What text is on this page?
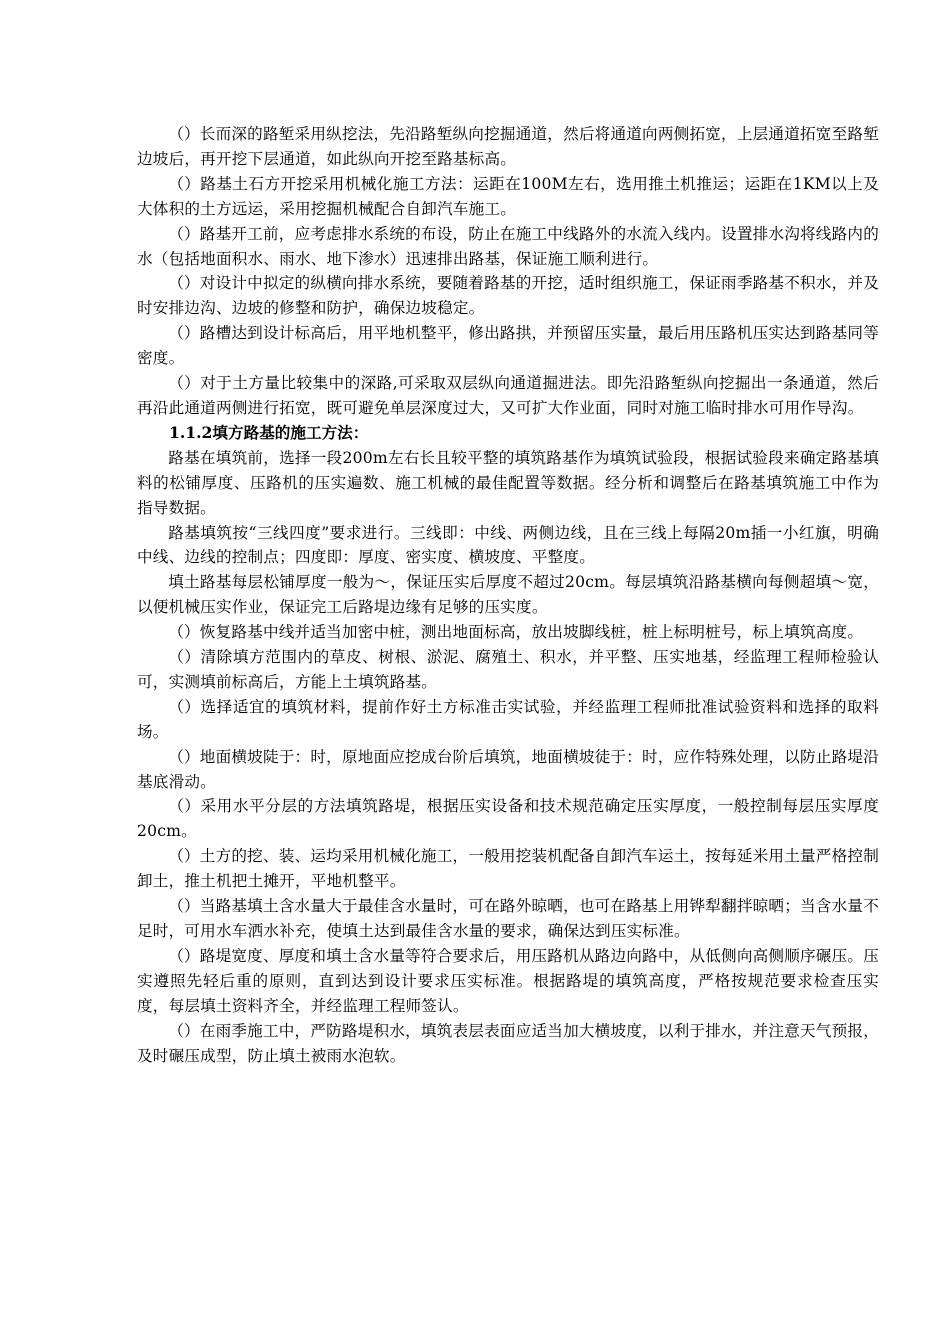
（）长而深的路堑采用纵挖法，先沿路堑纵向挖掘通道，然后将通道向两侧拓宽，上层通道拓宽至路堑边坡后，再开挖下层通道，如此纵向开挖至路基标高。

（）路基土石方开挖采用机械化施工方法：运距在100M左右，选用推土机推运；运距在1KM以上及大体积的土方远运，采用挖掘机械配合自卸汽车施工。

（）路基开工前，应考虑排水系统的布设，防止在施工中线路外的水流入线内。设置排水沟将线路内的水（包括地面积水、雨水、地下渗水）迅速排出路基，保证施工顺利进行。

（）对设计中拟定的纵横向排水系统，要随着路基的开挖，适时组织施工，保证雨季路基不积水，并及时安排边沟、边坡的修整和防护，确保边坡稳定。

（）路槽达到设计标高后，用平地机整平，修出路拱，并预留压实量，最后用压路机压实达到路基同等密度。

（）对于土方量比较集中的深路,可采取双层纵向通道掘进法。即先沿路堑纵向挖掘出一条通道，然后再沿此通道两侧进行拓宽，既可避免单层深度过大，又可扩大作业面，同时对施工临时排水可用作导沟。

1.1.2填方路基的施工方法：

路基在填筑前，选择一段200m左右长且较平整的填筑路基作为填筑试验段，根据试验段来确定路基填料的松铺厚度、压路机的压实遍数、施工机械的最佳配置等数据。经分析和调整后在路基填筑施工中作为指导数据。

路基填筑按“三线四度”要求进行。三线即：中线、两侧边线，且在三线上每隔20m插一小红旗，明确中线、边线的控制点；四度即：厚度、密实度、横坡度、平整度。

填土路基每层松铺厚度一般为～，保证压实后厚度不超过20cm。每层填筑沿路基横向每侧超填～宽，以便机械压实作业，保证完工后路堤边缘有足够的压实度。

（）恢复路基中线并适当加密中桩，测出地面标高，放出坡脚线桩，桩上标明桩号，标上填筑高度。

（）清除填方范围内的草皮、树根、淤泥、腐殖土、积水，并平整、压实地基，经监理工程师检验认可，实测填前标高后，方能上土填筑路基。

（）选择适宜的填筑材料，提前作好土方标准击实试验，并经监理工程师批准试验资料和选择的取料场。

（）地面横坡陡于：时，原地面应挖成台阶后填筑，地面横坡徒于：时，应作特殊处理，以防止路堤沿基底滑动。

（）采用水平分层的方法填筑路堤，根据压实设备和技术规范确定压实厚度，一般控制每层压实厚度20cm。

（）土方的挖、装、运均采用机械化施工，一般用挖装机配备自卸汽车运土，按每延米用土量严格控制卸土，推土机把土摊开，平地机整平。

（）当路基填土含水量大于最佳含水量时，可在路外晾晒，也可在路基上用铧犁翻拌晾晒；当含水量不足时，可用水车洒水补充，使填土达到最佳含水量的要求，确保达到压实标准。

（）路堤宽度、厚度和填土含水量等符合要求后，用压路机从路边向路中，从低侧向高侧顺序碾压。压实遵照先轻后重的原则，直到达到设计要求压实标准。根据路堤的填筑高度，严格按规范要求检查压实度，每层填土资料齐全，并经监理工程师签认。

（）在雨季施工中，严防路堤积水，填筑表层表面应适当加大横坡度，以利于排水，并注意天气预报，及时碾压成型，防止填土被雨水泡软。
